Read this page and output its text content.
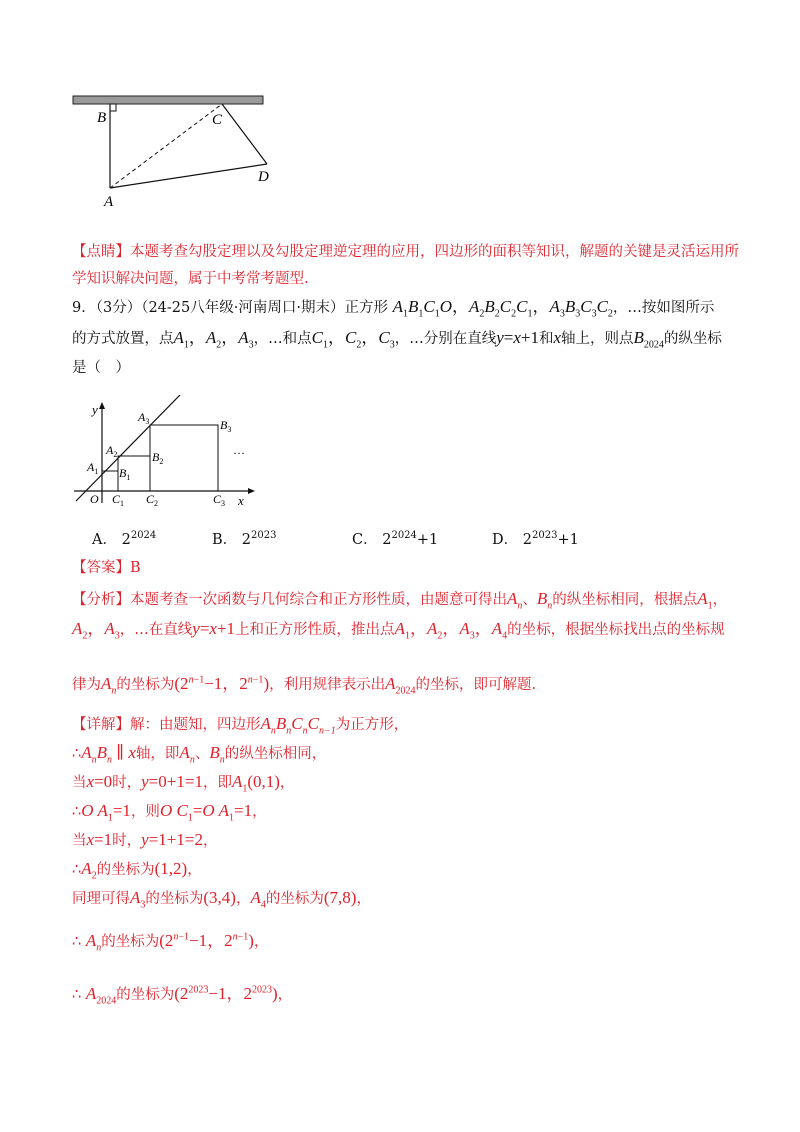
B	C
D
A
【点睛】本题考查勾股定理以及勾股定理逆定理的应用，四边形的面积等知识，解题的关键是灵活运用所
学知识解决问题，属于中考常考题型.
9．（3分）（24-25八年级·河南周口·期末）正方形 $A_1B_1C_1O$，$A_2B_2C_2C_1$，$A_3B_3C_3C_2$，…按如图所示
的方式放置，点$A_1$，$A_2$，$A_3$，…和点$C_1$，$C_2$，$C_3$，…分别在直线y=x+1和x轴上，则点$B_{2024}$的纵坐标
是（　）
y
x
O
$A_1$
$A_2$
$A_3$
$B_1$
$B_2$
$B_3$
$C_1$ $C_2$	$C_3$
…
A． $2^{2024}$	B． $2^{2023}$	C． $2^{2024}+1$	D． $2^{2023}+1$
【答案】B
【分析】本题考查一次函数与几何综合和正方形性质，由题意可得出$A_n$、$B_n$的纵坐标相同，根据点$A_1$，
$A_2$，$A_3$，…在直线y=x+1上和正方形性质，推出点$A_1$，$A_2$，$A_3$，$A_4$的坐标，根据坐标找出点的坐标规
律为$A_n$的坐标为($2^{n-1}-1$，$2^{n-1}$)，利用规律表示出$A_{2024}$的坐标，即可解题.
【详解】解：由题知，四边形$A_nB_nC_nC_{n-1}$为正方形，
$\therefore A_nB_n$ ∥ x轴，即$A_n$、$B_n$的纵坐标相同，
当x=0时，y=0+1=1，即$A_1(0,1)$，
∴O $A_1=1$，则O $C_1=O$ $A_1=1$，
当x=1时，y=1+1=2，
$\therefore A_2$的坐标为(1,2)，
同理可得$A_3$的坐标为(3,4)，$A_4$的坐标为(7,8)，
∴ $A_n$的坐标为($2^{n-1}-1$，$2^{n-1}$)，
∴ $A_{2024}$的坐标为($2^{2023}-1$，$2^{2023}$)，
